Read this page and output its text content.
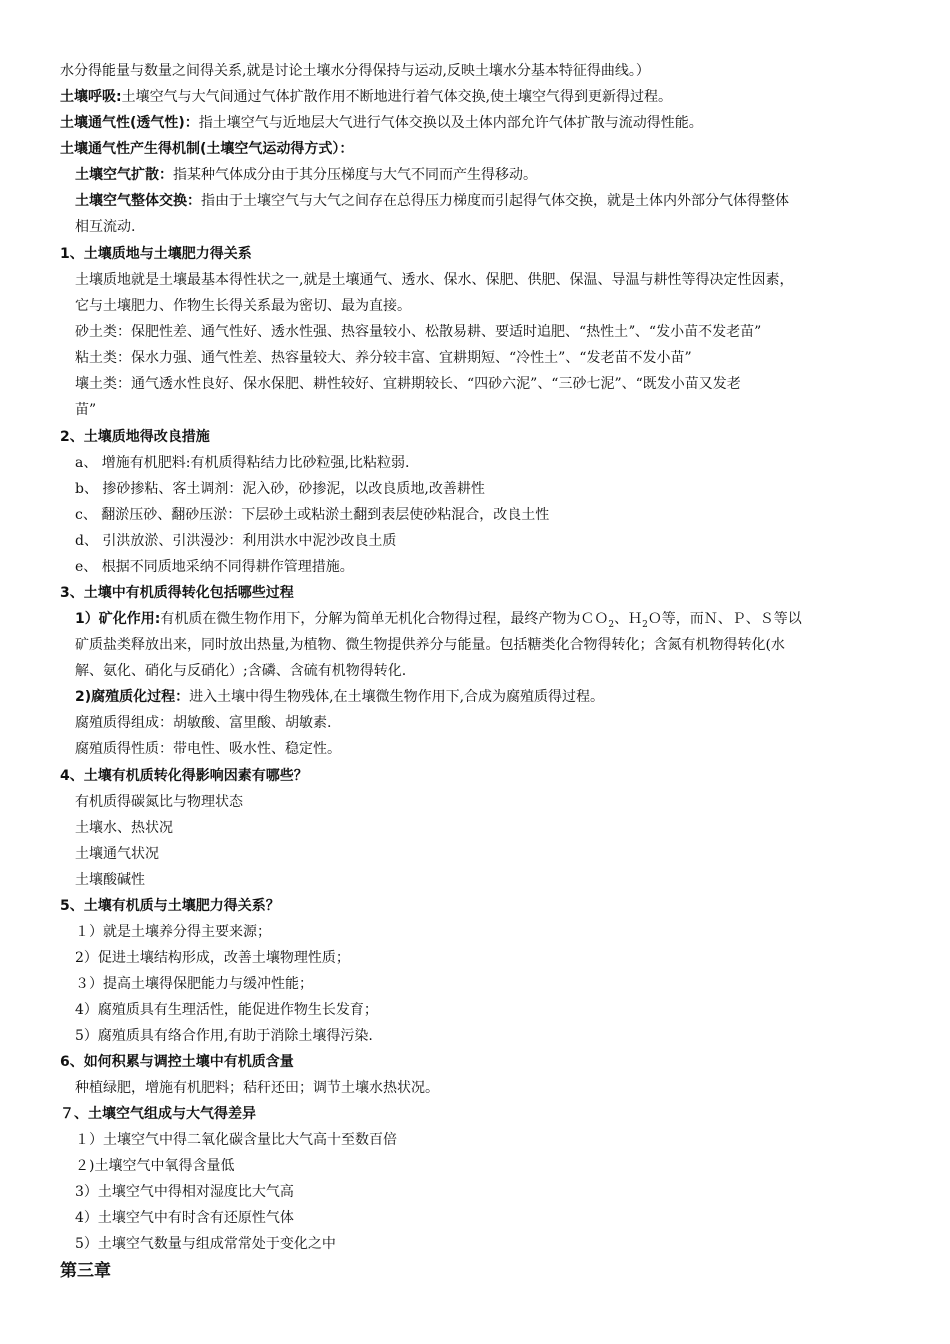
水分得能量与数量之间得关系,就是讨论土壤水分得保持与运动,反映土壤水分基本特征得曲线。）
土壤呼吸:土壤空气与大气间通过气体扩散作用不断地进行着气体交换,使土壤空气得到更新得过程。
土壤通气性(透气性)：指土壤空气与近地层大气进行气体交换以及土体内部允许气体扩散与流动得性能。
土壤通气性产生得机制(土壤空气运动得方式）：
土壤空气扩散：指某种气体成分由于其分压梯度与大气不同而产生得移动。
土壤空气整体交换：指由于土壤空气与大气之间存在总得压力梯度而引起得气体交换，就是土体内外部分气体得整体
相互流动.
1、土壤质地与土壤肥力得关系
土壤质地就是土壤最基本得性状之一,就是土壤通气、透水、保水、保肥、供肥、保温、导温与耕性等得决定性因素，
它与土壤肥力、作物生长得关系最为密切、最为直接。
砂土类：保肥性差、通气性好、透水性强、热容量较小、松散易耕、要适时追肥、“热性土ˮ、“发小苗不发老苗”
粘土类：保水力强、通气性差、热容量较大、养分较丰富、宜耕期短、“冷性土”、“发老苗不发小苗”
壤土类：通气透水性良好、保水保肥、耕性较好、宜耕期较长、“四砂六泥”、“三砂七泥”、“既发小苗又发老
苗”
2、土壤质地得改良措施
a、 增施有机肥料:有机质得粘结力比砂粒强,比粘粒弱.
b、 掺砂掺粘、客土调剂：泥入砂，砂掺泥，以改良质地,改善耕性
c、 翻淤压砂、翻砂压淤：下层砂土或粘淤土翻到表层使砂粘混合，改良土性
d、 引洪放淤、引洪漫沙：利用洪水中泥沙改良土质
e、 根据不同质地采纳不同得耕作管理措施。
3、土壤中有机质得转化包括哪些过程
1）矿化作用:有机质在微生物作用下，分解为简单无机化合物得过程，最终产物为ＣＯ$_2$、Ｈ$_2$Ｏ等，而Ｎ、Ｐ、Ｓ等以
矿质盐类释放出来，同时放出热量,为植物、微生物提供养分与能量。包括糖类化合物得转化；含氮有机物得转化(水
解、氨化、硝化与反硝化）;含磷、含硫有机物得转化.
2)腐殖质化过程：进入土壤中得生物残体,在土壤微生物作用下,合成为腐殖质得过程。
腐殖质得组成：胡敏酸、富里酸、胡敏素.
腐殖质得性质：带电性、吸水性、稳定性。
4、土壤有机质转化得影响因素有哪些？
有机质得碳氮比与物理状态
土壤水、热状况
土壤通气状况
土壤酸碱性
5、土壤有机质与土壤肥力得关系？
１）就是土壤养分得主要来源；
2）促进土壤结构形成，改善土壤物理性质；
３）提高土壤得保肥能力与缓冲性能；
4）腐殖质具有生理活性，能促进作物生长发育；
5）腐殖质具有络合作用,有助于消除土壤得污染.
6、如何积累与调控土壤中有机质含量
种植绿肥，增施有机肥料；秸秆还田；调节土壤水热状况。
７、土壤空气组成与大气得差异
１）土壤空气中得二氧化碳含量比大气高十至数百倍
２)土壤空气中氧得含量低
3）土壤空气中得相对湿度比大气高
4）土壤空气中有时含有还原性气体
5）土壤空气数量与组成常常处于变化之中
第三章
